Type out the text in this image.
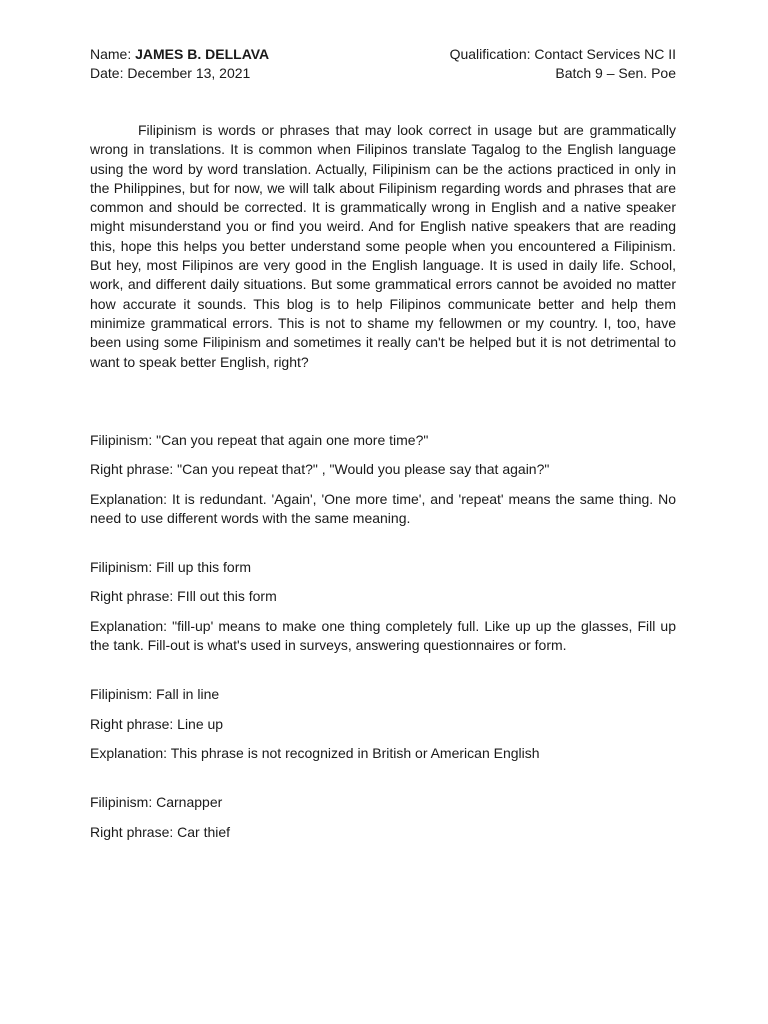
Name: JAMES B. DELLAVA	Qualification: Contact Services NC II
Date: December 13, 2021	Batch 9 – Sen. Poe

Filipinism is words or phrases that may look correct in usage but are grammatically wrong in translations. It is common when Filipinos translate Tagalog to the English language using the word by word translation. Actually, Filipinism can be the actions practiced in only in the Philippines, but for now, we will talk about Filipinism regarding words and phrases that are common and should be corrected. It is grammatically wrong in English and a native speaker might misunderstand you or find you weird. And for English native speakers that are reading this, hope this helps you better understand some people when you encountered a Filipinism. But hey, most Filipinos are very good in the English language. It is used in daily life. School, work, and different daily situations. But some grammatical errors cannot be avoided no matter how accurate it sounds. This blog is to help Filipinos communicate better and help them minimize grammatical errors. This is not to shame my fellowmen or my country. I, too, have been using some Filipinism and sometimes it really can't be helped but it is not detrimental to want to speak better English, right?

Filipinism: "Can you repeat that again one more time?"

Right phrase: "Can you repeat that?" , "Would you please say that again?"

Explanation: It is redundant. 'Again', 'One more time', and 'repeat' means the same thing. No need to use different words with the same meaning.

Filipinism: Fill up this form

Right phrase: FIll out this form

Explanation: "fill-up' means to make one thing completely full. Like up up the glasses, Fill up the tank. Fill-out is what's used in surveys, answering questionnaires or form.

Filipinism: Fall in line

Right phrase: Line up

Explanation: This phrase is not recognized in British or American English

Filipinism: Carnapper

Right phrase: Car thief
